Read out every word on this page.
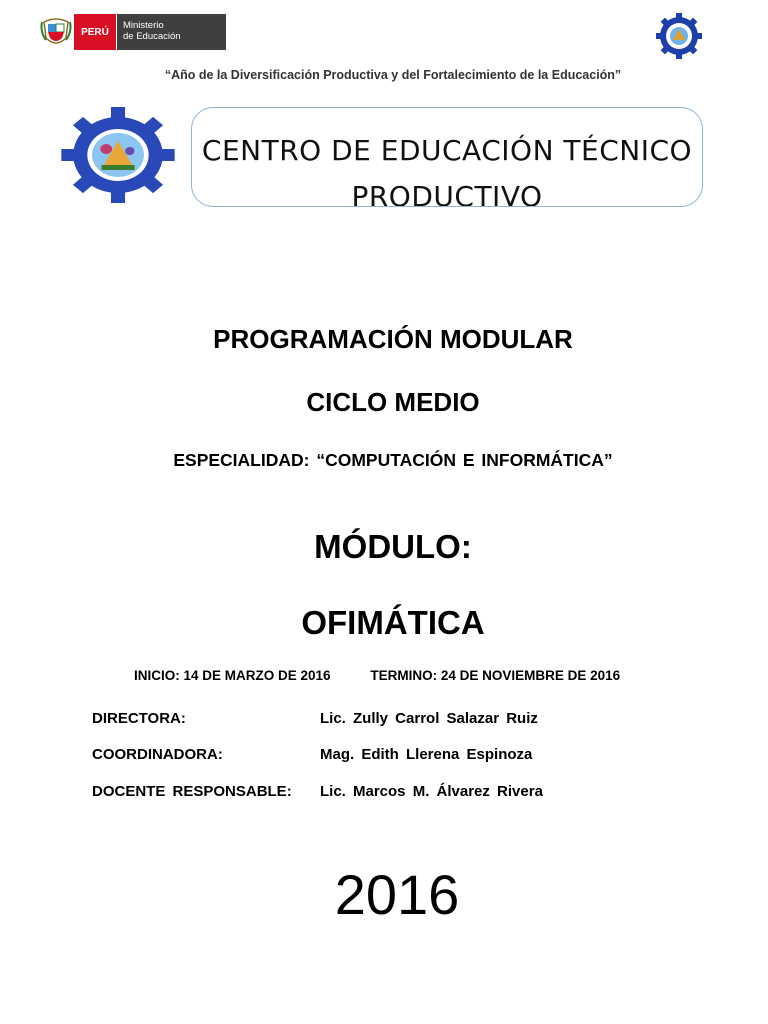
PERÚ
Ministerio
de Educación
“Año de la Diversificación Productiva y del Fortalecimiento de la Educación”
CENTRO DE EDUCACIÓN TÉCNICO PRODUCTIVO
PROGRAMACIÓN MODULAR
CICLO MEDIO
ESPECIALIDAD: “COMPUTACIÓN E INFORMÁTICA”
MÓDULO:
OFIMÁTICA
INICIO: 14 DE MARZO DE 2016	TERMINO: 24 DE NOVIEMBRE DE 2016
DIRECTORA:	Lic. Zully Carrol Salazar Ruiz
COORDINADORA:	Mag. Edith Llerena Espinoza
DOCENTE RESPONSABLE: Lic. Marcos M. Álvarez Rivera
2016
